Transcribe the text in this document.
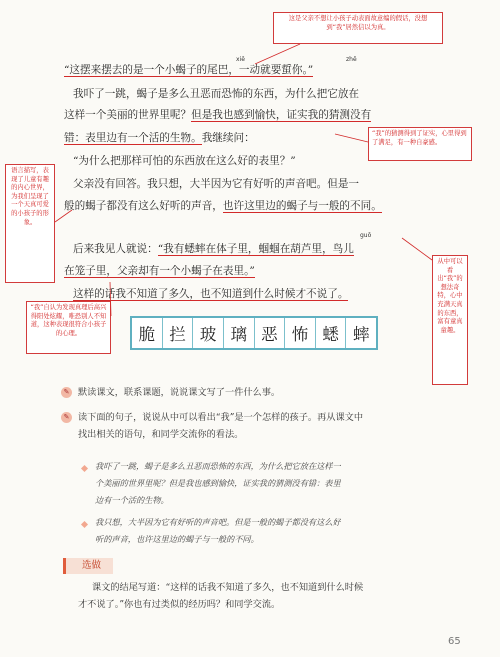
这是父亲不想让小孩子动表面故意编的假话，没想到“我”居然信以为真。
“我”的猜测得到了证实，心里得到了满足，有一种自豪感。
语言描写，表现了儿童有趣的内心世界，为我们呈现了一个天真可爱的小孩子的形象。
“我”自认为发现真理后高兴得阳处炫耀，唯恐别人不知道，这种表现很符合小孩子的心理。
从中可以看出“我”的想法奇特，心中充满天真的东西，富有童真童趣。
xiē	zhē
guō
“这摆来摆去的是一个小蝎子的尾巴，一动就要蜇你。”
我吓了一跳，蝎子是多么丑恶而恐怖的东西，为什么把它放在
这样一个美丽的世界里呢？但是我也感到愉快，证实我的猜测没有
错：表里边有一个活的生物。我继续问：
“为什么把那样可怕的东西放在这么好的表里？”
父亲没有回答。我只想，大半因为它有好听的声音吧。但是一
般的蝎子都没有这么好听的声音，也许这里边的蝎子与一般的不同。
后来我见人就说：“我有蟋蟀在体子里，蝈蝈在葫芦里，鸟儿
在笼子里，父亲却有一个小蝎子在表里。”
这样的话我不知道了多久，也不知道到什么时候才不说了。
脆 拦 玻 璃 恶 怖 蟋 蟀
✎ 默读课文，联系课题，说说课文写了一件什么事。
✎ 读下面的句子，说说从中可以看出“我”是一个怎样的孩子。再从课文中
找出相关的语句，和同学交流你的看法。
我吓了一跳，蝎子是多么丑恶而恐怖的东西，为什么把它放在这样一
个美丽的世界里呢？但是我也感到愉快，证实我的猜测没有错：表里
边有一个活的生物。
我只想，大半因为它有好听的声音吧。但是一般的蝎子都没有这么好
听的声音，也许这里边的蝎子与一般的不同。
选做
课文的结尾写道：“这样的话我不知道了多久，也不知道到什么时候
才不说了。”你也有过类似的经历吗？和同学交流。
65
